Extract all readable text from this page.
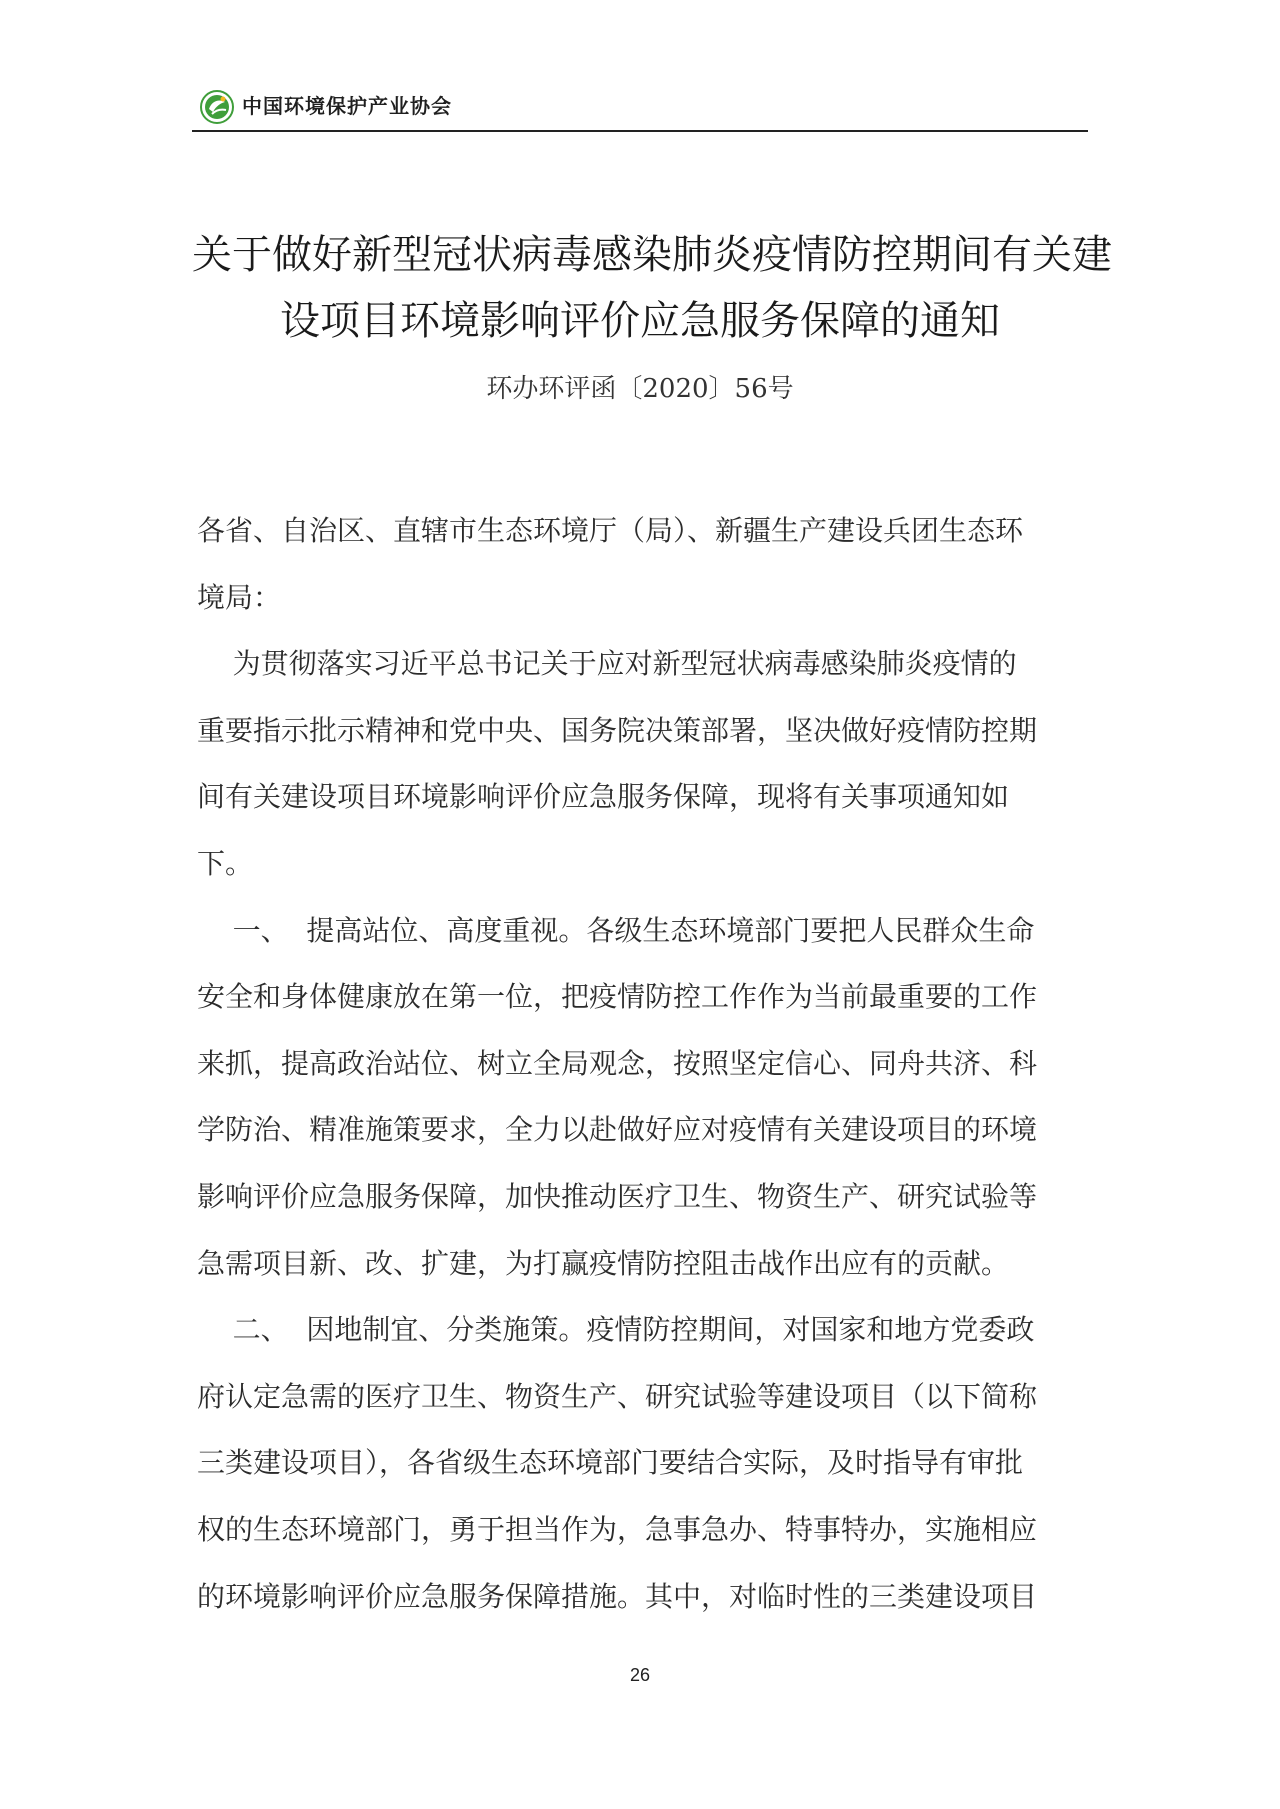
中国环境保护产业协会
关于做好新型冠状病毒感染肺炎疫情防控期间有关建
设项目环境影响评价应急服务保障的通知
环办环评函〔2020〕56号
各省、自治区、直辖市生态环境厅（局）、新疆生产建设兵团生态环
境局：
为贯彻落实习近平总书记关于应对新型冠状病毒感染肺炎疫情的
重要指示批示精神和党中央、国务院决策部署，坚决做好疫情防控期
间有关建设项目环境影响评价应急服务保障，现将有关事项通知如
下。
一、  提高站位、高度重视。各级生态环境部门要把人民群众生命
安全和身体健康放在第一位，把疫情防控工作作为当前最重要的工作
来抓，提高政治站位、树立全局观念，按照坚定信心、同舟共济、科
学防治、精准施策要求，全力以赴做好应对疫情有关建设项目的环境
影响评价应急服务保障，加快推动医疗卫生、物资生产、研究试验等
急需项目新、改、扩建，为打赢疫情防控阻击战作出应有的贡献。
二、  因地制宜、分类施策。疫情防控期间，对国家和地方党委政
府认定急需的医疗卫生、物资生产、研究试验等建设项目（以下简称
三类建设项目），各省级生态环境部门要结合实际，及时指导有审批
权的生态环境部门，勇于担当作为，急事急办、特事特办，实施相应
的环境影响评价应急服务保障措施。其中，对临时性的三类建设项目
26
